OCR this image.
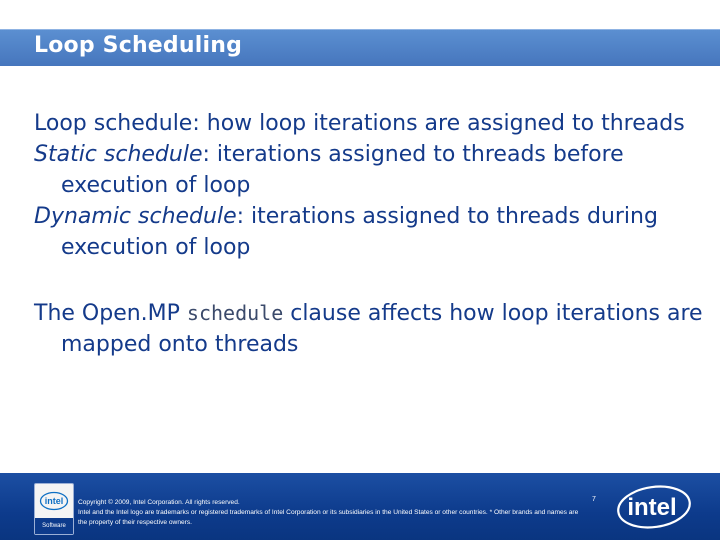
Loop Scheduling

Loop schedule: how loop iterations are assigned to threads

Static schedule: iterations assigned to threads before execution of loop

Dynamic schedule: iterations assigned to threads during execution of loop

The Open.MP schedule clause affects how loop iterations are mapped onto threads

intel
Software
Copyright © 2009, Intel Corporation. All rights reserved.
Intel and the Intel logo are trademarks or registered trademarks of Intel Corporation or its subsidiaries in the United States or other countries. * Other brands and names are the property of their respective owners.
7 intel
